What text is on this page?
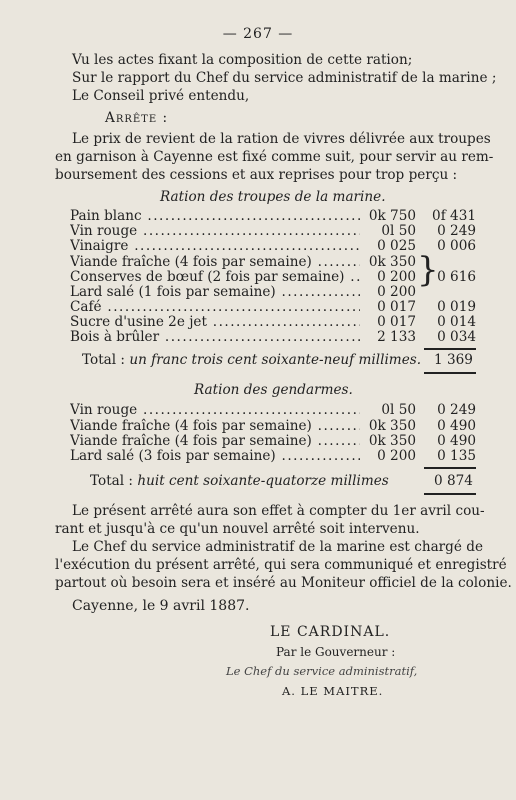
— 267 —
Vu les actes fixant la composition de cette ration;
Sur le rapport du Chef du service administratif de la marine ;
Le Conseil privé entendu,
Arrête :
Le prix de revient de la ration de vivres délivrée aux troupes
en garnison à Cayenne est fixé comme suit, pour servir au rem-
boursement des cessions et aux reprises pour trop perçu :
Ration des troupes de la marine.
Pain blanc .....	0k 750	0f 431
Vin rouge .....	0l 50	0 249
Vinaigre .....	0 025	0 006
Viande fraîche (4 fois par semaine) .....	0k 350
Conserves de bœuf (2 fois par semaine) .....	0 200	0 616
Lard salé (1 fois par semaine) .....	0 200
}
Café .....	0 017	0 019
Sucre d'usine 2e jet .....	0 017	0 014
Bois à brûler .....	2 133	0 034
Total : un franc trois cent soixante-neuf millimes. 1 369
Ration des gendarmes.
Vin rouge .....	0l 50	0 249
Viande fraîche (4 fois par semaine) .....	0k 350	0 490
Viande fraîche (4 fois par semaine) .....	0k 350	0 490
Lard salé (3 fois par semaine) .....	0 200	0 135
Total : huit cent soixante-quatorze millimes	0 874
Le présent arrêté aura son effet à compter du 1er avril cou-
rant et jusqu'à ce qu'un nouvel arrêté soit intervenu.
Le Chef du service administratif de la marine est chargé de
l'exécution du présent arrêté, qui sera communiqué et enregistré
partout où besoin sera et inséré au Moniteur officiel de la colonie.
Cayenne, le 9 avril 1887.
LE CARDINAL.
Par le Gouverneur :
Le Chef du service administratif,
A. LE MAITRE.
